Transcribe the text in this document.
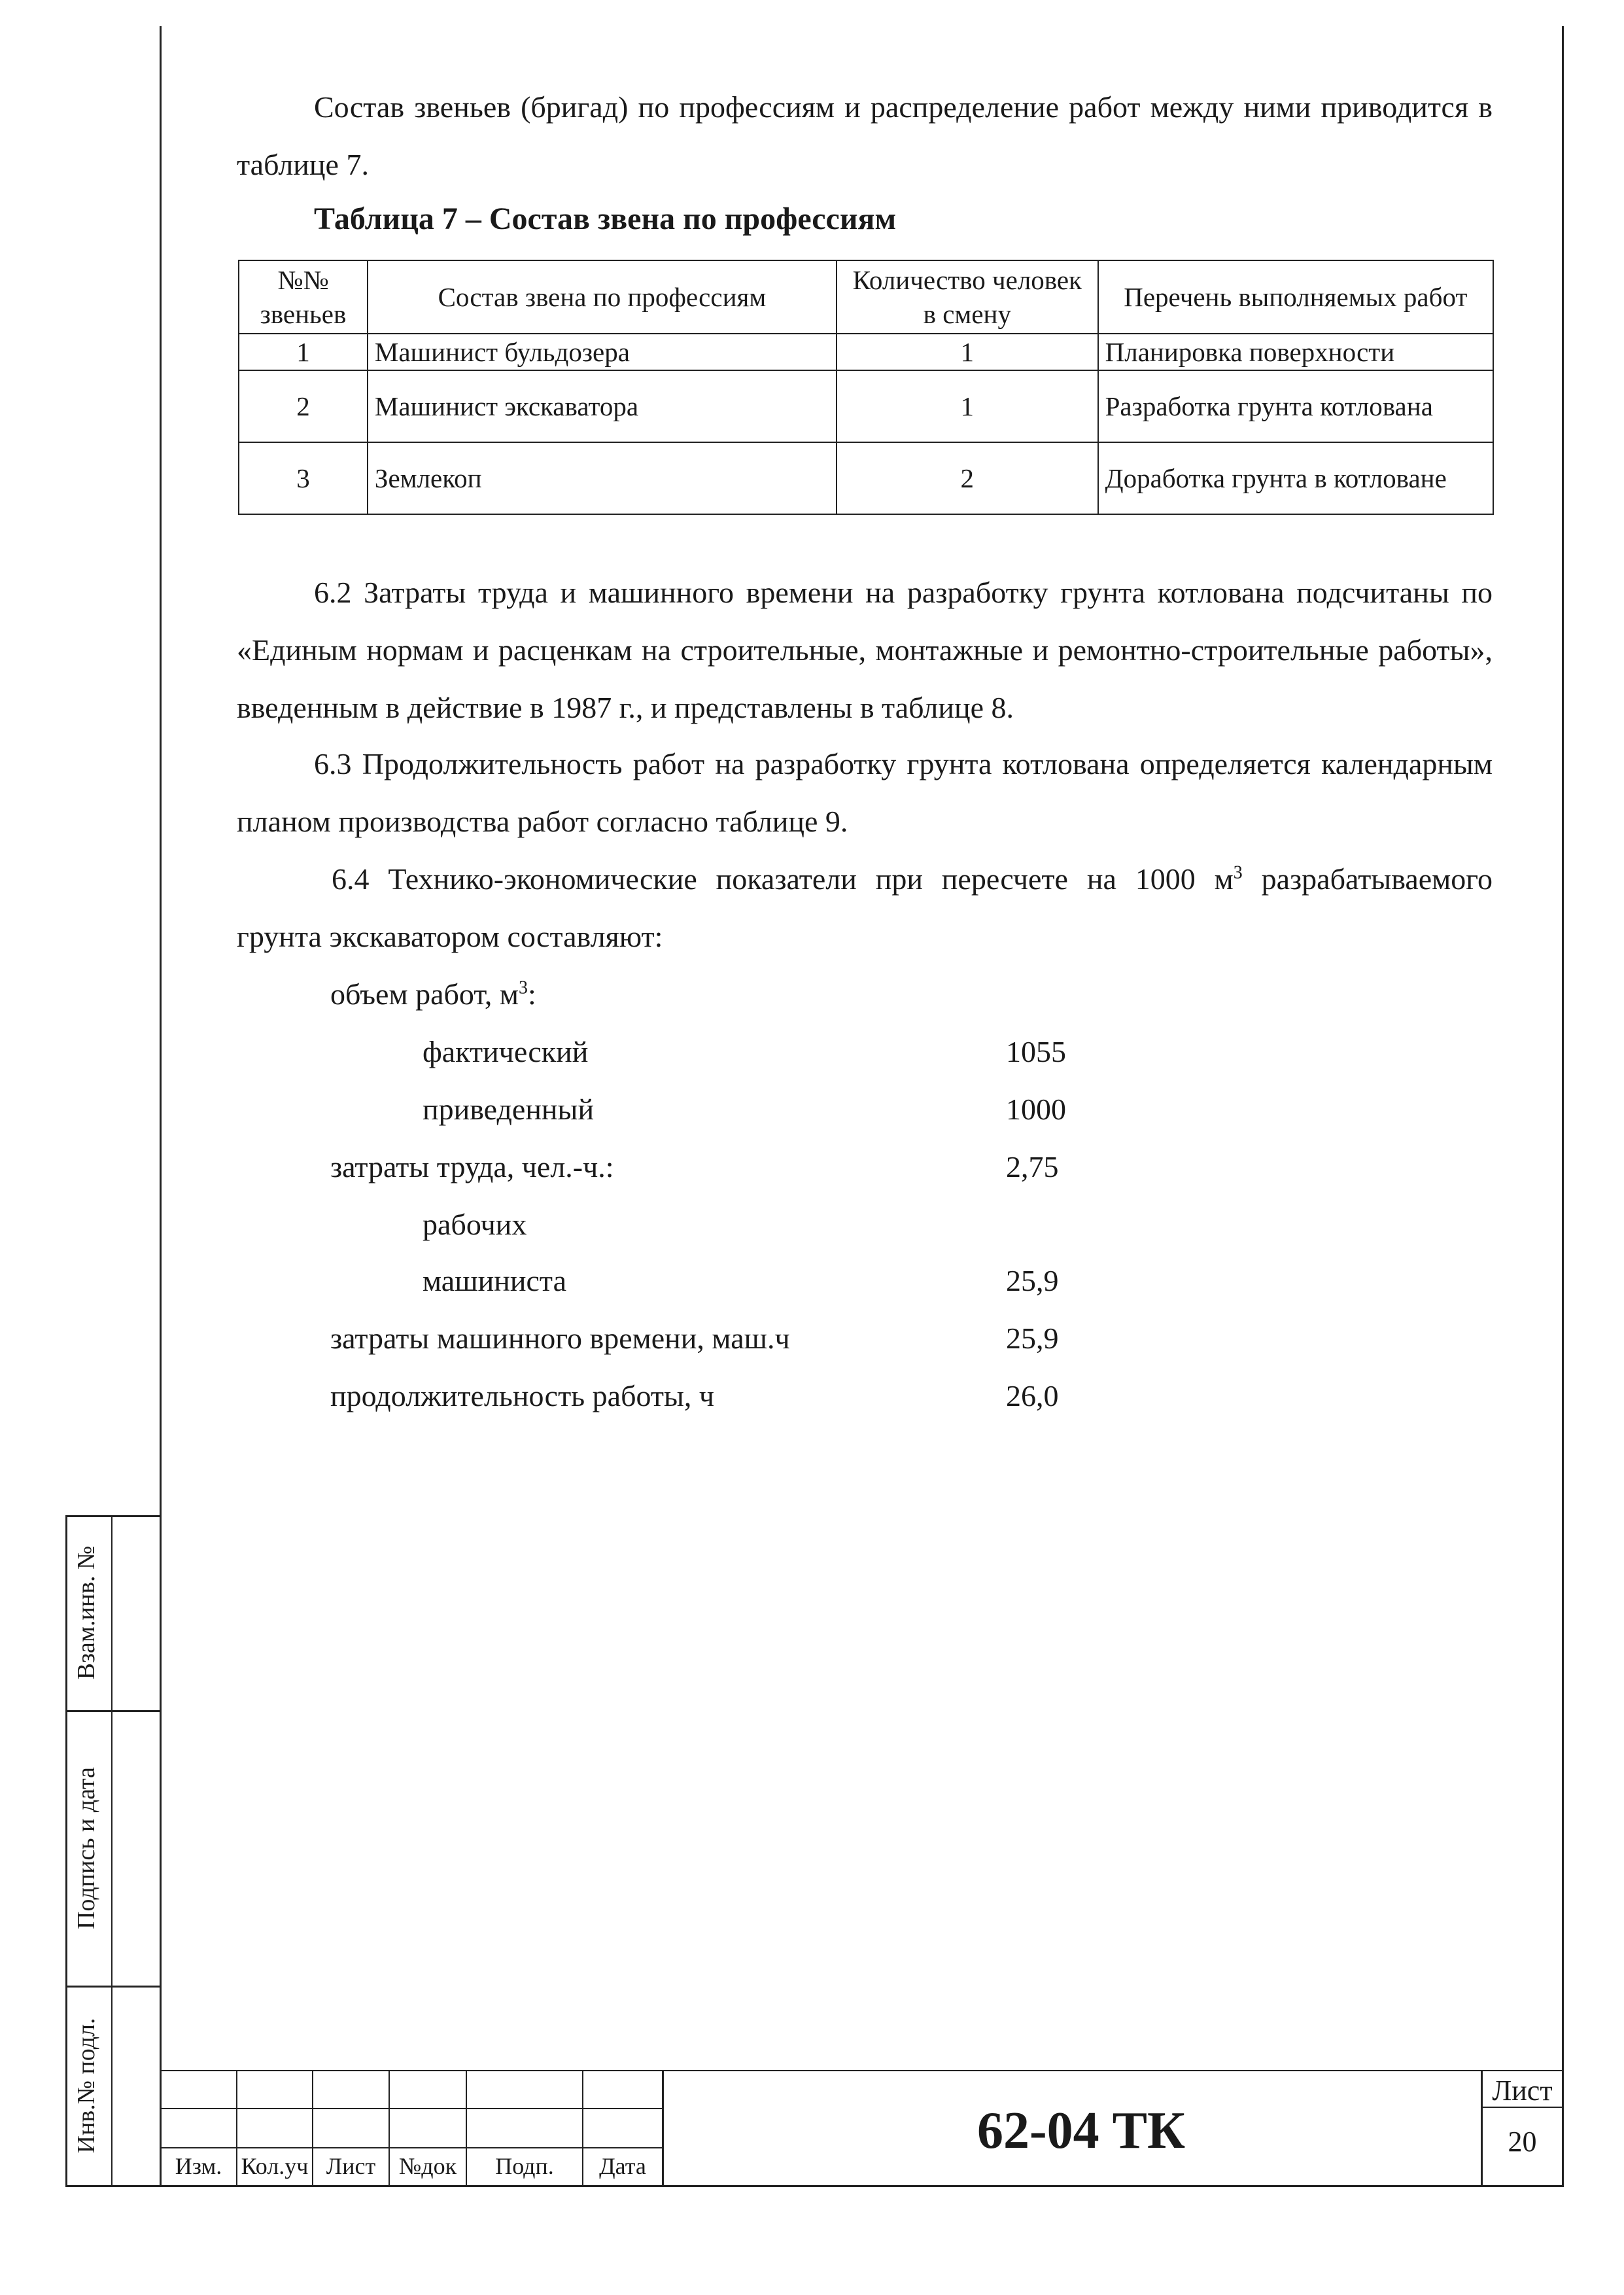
Состав звеньев (бригад) по профессиям и распределение работ между ними приводится в таблице 7.
Таблица 7 – Состав звена по профессиям
№№ звеньев	Состав звена по профессиям	Количество человек в смену	Перечень выполняемых работ
1	Машинист бульдозера	1	Планировка поверхности
2	Машинист экскаватора	1	Разработка грунта котлована
3	Землекоп	2	Доработка грунта в котловане
6.2 Затраты труда и машинного времени на разработку грунта котлована подсчитаны по «Единым нормам и расценкам на строительные, монтажные и ремонтно-строительные работы», введенным в действие в 1987 г., и представлены в таблице 8.
6.3 Продолжительность работ на разработку грунта котлована определяется календарным планом производства работ согласно таблице 9.
6.4 Технико-экономические показатели при пересчете на 1000 $м^3$ разрабатываемого грунта экскаватором составляют:
объем работ, $м^3$:
фактический	1055
приведенный	1000
затраты труда, чел.-ч.:	2,75
рабочих
машиниста	25,9
затраты машинного времени, маш.ч	25,9
продолжительность работы, ч	26,0
Взам.инв. №
Подпись и дата
Инв.№ подл.
Изм. Кол.уч Лист №док	Подп.	Дата
62-04 ТК
Лист
20
